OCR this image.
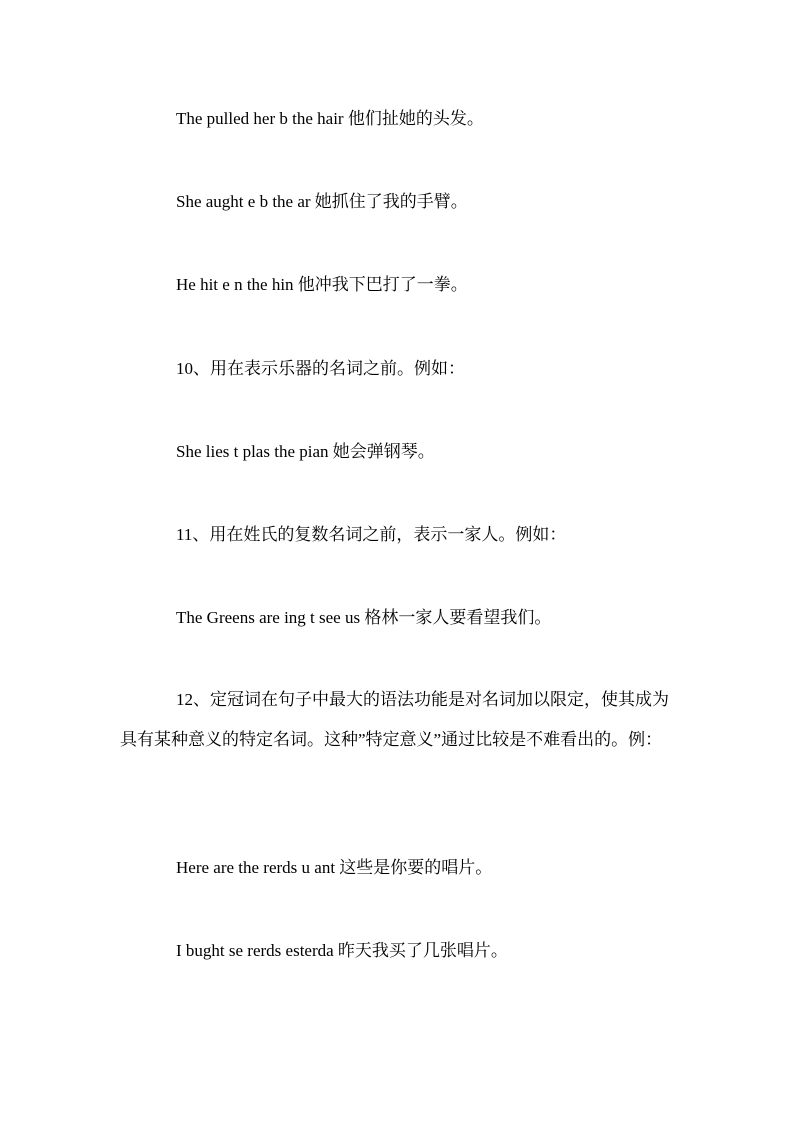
The pulled her b the hair 他们扯她的头发。
She aught e b the ar 她抓住了我的手臂。
He hit e n the hin 他冲我下巴打了一拳。
10、用在表示乐器的名词之前。例如：
She lies t plas the pian 她会弹钢琴。
11、用在姓氏的复数名词之前，表示一家人。例如：
The Greens are ing t see us 格林一家人要看望我们。
12、定冠词在句子中最大的语法功能是对名词加以限定，使其成为具有某种意义的特定名词。这种”特定意义”通过比较是不难看出的。例：
Here are the rerds u ant 这些是你要的唱片。
I bught se rerds esterda 昨天我买了几张唱片。
